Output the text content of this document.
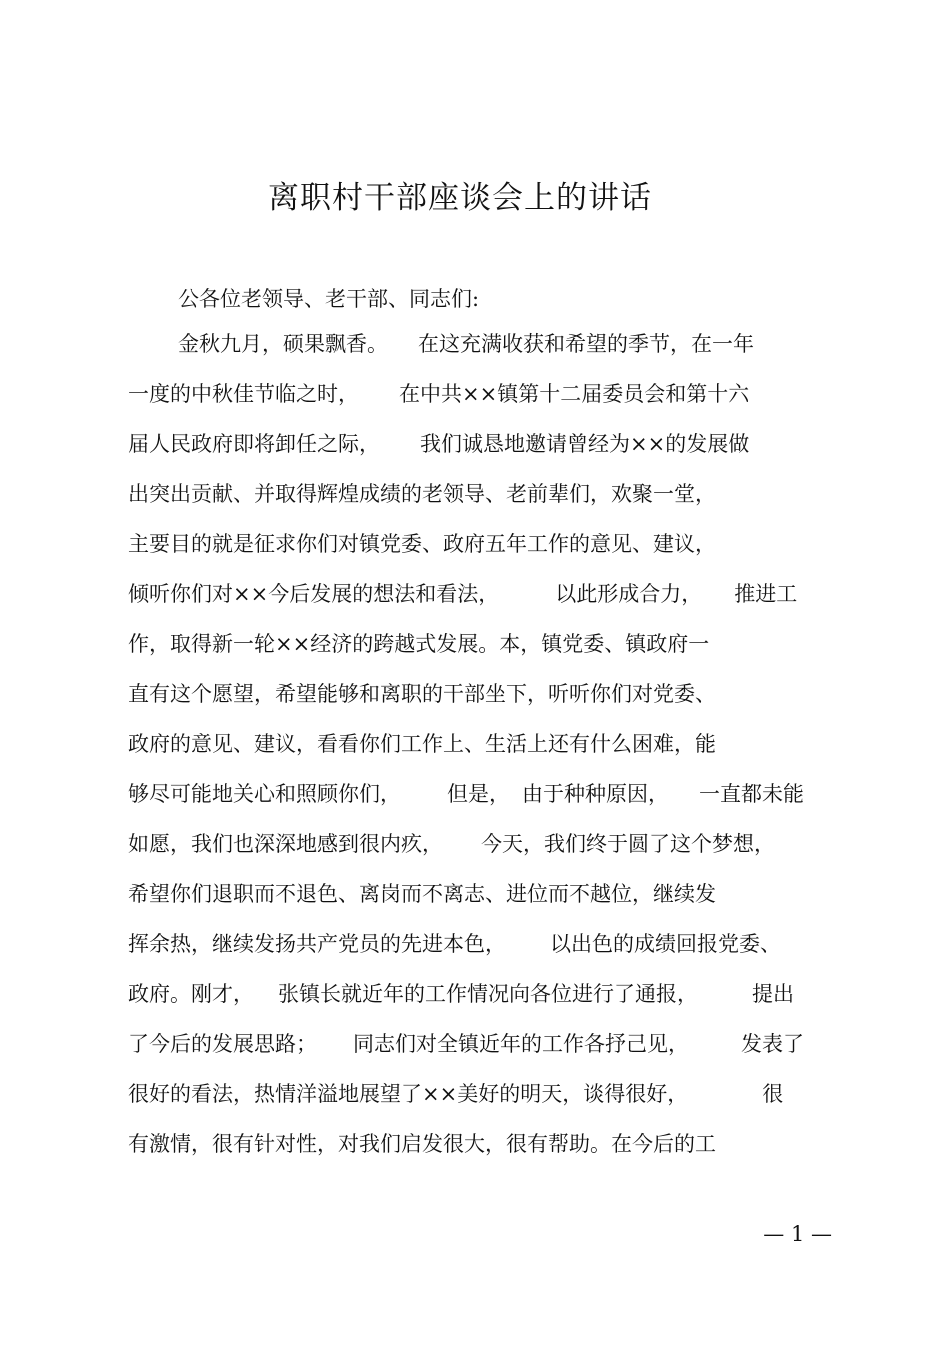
离职村干部座谈会上的讲话
公各位老领导、老干部、同志们:
金秋九月，硕果飘香。 在这充满收获和希望的季节，在一年
一度的中秋佳节临之时， 在中共××镇第十二届委员会和第十六
届人民政府即将卸任之际， 我们诚恳地邀请曾经为××的发展做
出突出贡献、并取得辉煌成绩的老领导、老前辈们，欢聚一堂，
主要目的就是征求你们对镇党委、政府五年工作的意见、建议，
倾听你们对××今后发展的想法和看法，	以此形成合力， 推进工
作，取得新一轮××经济的跨越式发展。本，镇党委、镇政府一
直有这个愿望，希望能够和离职的干部坐下，听听你们对党委、
政府的意见、建议，看看你们工作上、生活上还有什么困难，能
够尽可能地关心和照顾你们， 但是， 由于种种原因， 一直都未能
如愿，我们也深深地感到很内疚， 今天，我们终于圆了这个梦想，
希望你们退职而不退色、离岗而不离志、进位而不越位，继续发
挥余热，继续发扬共产党员的先进本色， 以出色的成绩回报党委、
政府。刚才， 张镇长就近年的工作情况向各位进行了通报，	提出
了今后的发展思路； 同志们对全镇近年的工作各抒己见， 发表了
很好的看法，热情洋溢地展望了××美好的明天，谈得很好，	很
有激情，很有针对性，对我们启发很大，很有帮助。在今后的工
— 1 —
